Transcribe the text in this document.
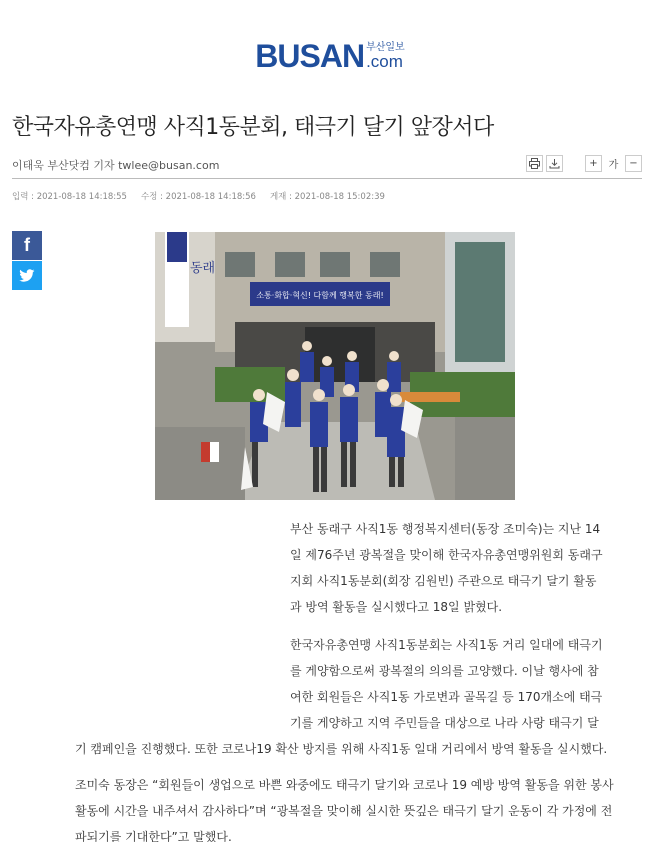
BUSAN 부산일보
.com
한국자유총연맹 사직1동분회, 태극기 달기 앞장서다
이태욱 부산닷컴 기자 twlee@busan.com	+	가	−
입력 : 2021-08-18 14:18:55 수정 : 2021-08-18 14:18:56 게재 : 2021-08-18 15:02:39
f
소통·화합·혁신! 다함께 행복한 동래!
동래
부산 동래구 사직1동 행정복지센터(동장 조미숙)는 지난 14
일 제76주년 광복절을 맞이해 한국자유총연맹위원회 동래구
지회 사직1동분회(회장 김원빈) 주관으로 태극기 달기 활동
과 방역 활동을 실시했다고 18일 밝혔다.
한국자유총연맹 사직1동분회는 사직1동 거리 일대에 태극기
를 게양함으로써 광복절의 의의를 고양했다. 이날 행사에 참
여한 회원들은 사직1동 가로변과 골목길 등 170개소에 태극
기를 게양하고 지역 주민들을 대상으로 나라 사랑 태극기 달
기 캠페인을 진행했다. 또한 코로나19 확산 방지를 위해 사직1동 일대 거리에서 방역 활동을 실시했다.
조미숙 동장은 “회원들이 생업으로 바쁜 와중에도 태극기 달기와 코로나 19 예방 방역 활동을 위한 봉사
활동에 시간을 내주셔서 감사하다”며 “광복절을 맞이해 실시한 뜻깊은 태극기 달기 운동이 각 가정에 전
파되기를 기대한다”고 말했다.
